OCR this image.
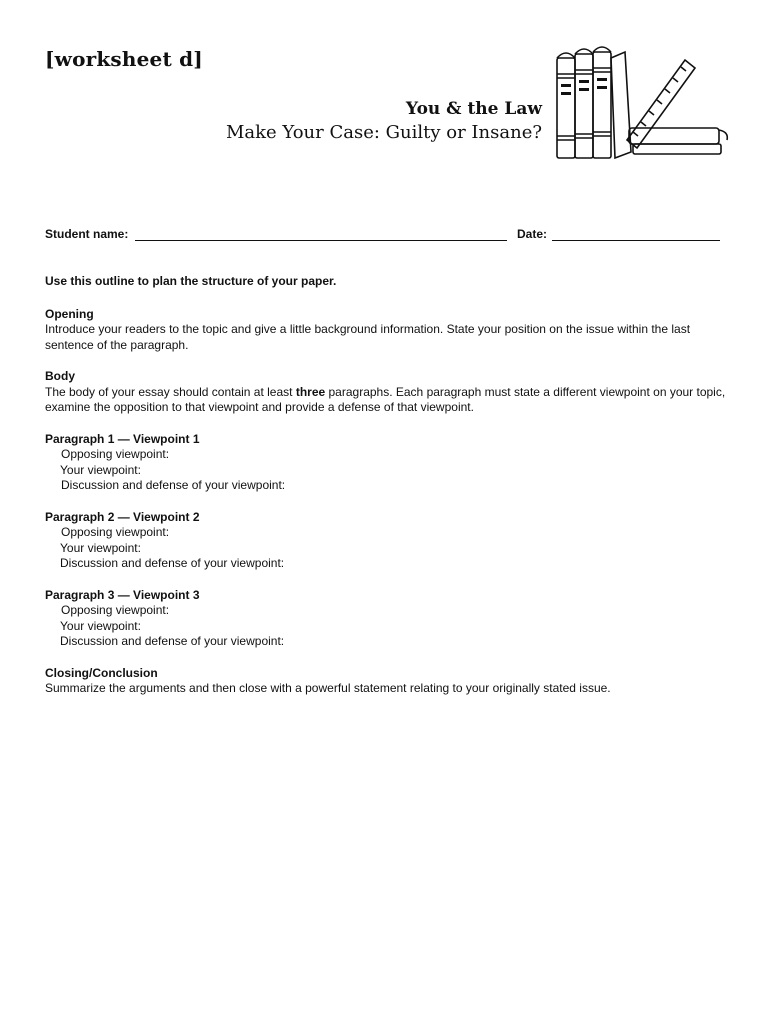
[worksheet d]
You & the Law
Make Your Case: Guilty or Insane?
Student name:	Date:

Use this outline to plan the structure of your paper.

Opening

Introduce your readers to the topic and give a little background information. State your position on the issue within the last sentence of the paragraph.

Body

The body of your essay should contain at least three paragraphs. Each paragraph must state a different viewpoint on your topic, examine the opposition to that viewpoint and provide a defense of that viewpoint.

Paragraph 1 — Viewpoint 1

Opposing viewpoint:

Your viewpoint:

Discussion and defense of your viewpoint:

Paragraph 2 — Viewpoint 2

Opposing viewpoint:

Your viewpoint:

Discussion and defense of your viewpoint:

Paragraph 3 — Viewpoint 3

Opposing viewpoint:

Your viewpoint:

Discussion and defense of your viewpoint:

Closing/Conclusion

Summarize the arguments and then close with a powerful statement relating to your originally stated issue.
